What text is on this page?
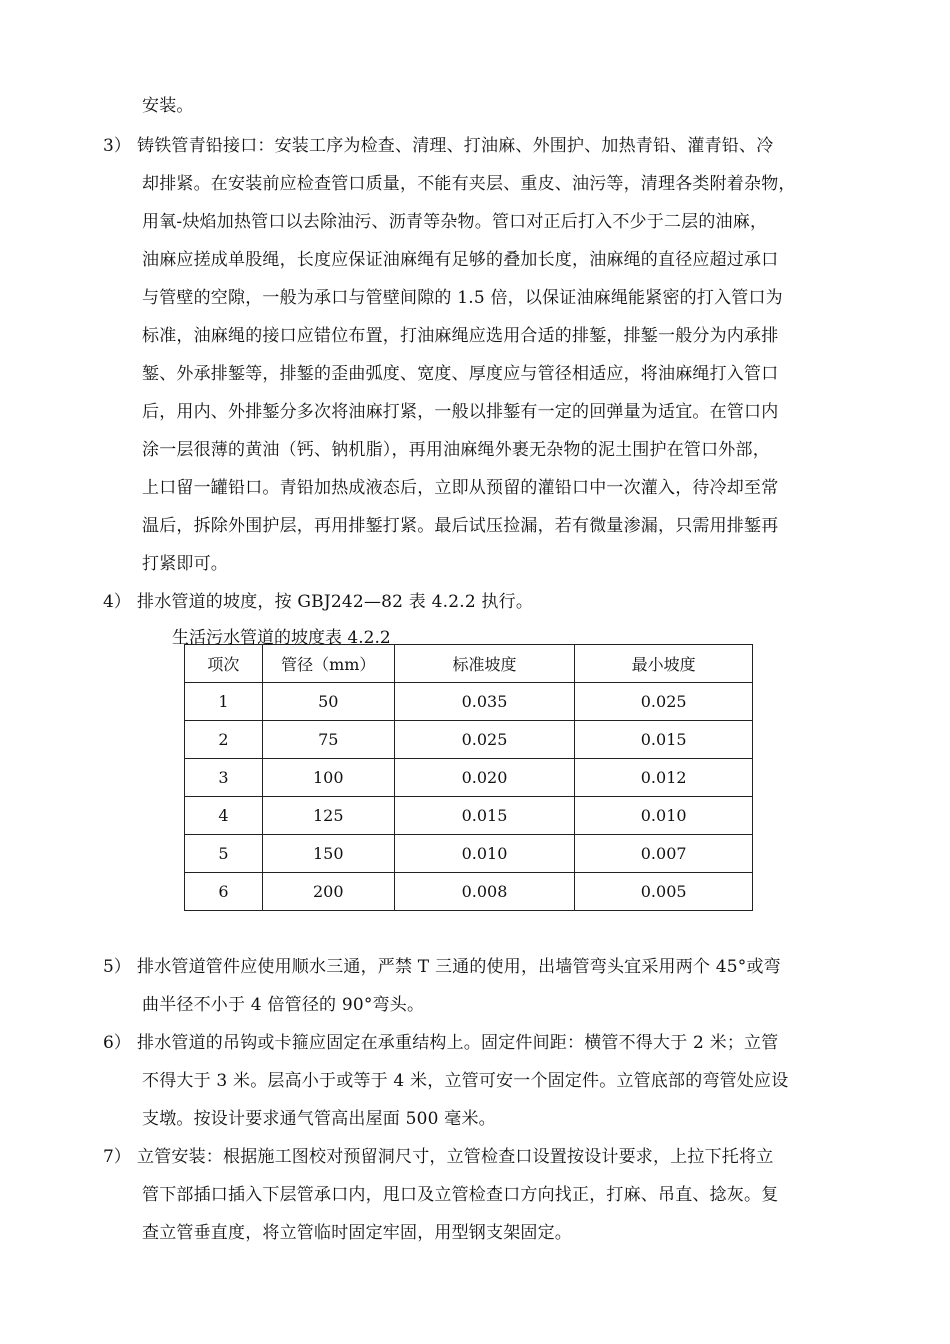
安装。
3） 铸铁管青铅接口：安装工序为检查、清理、打油麻、外围护、加热青铅、灌青铅、冷
却排紧。在安装前应检查管口质量，不能有夹层、重皮、油污等，清理各类附着杂物，
用氧-炔焰加热管口以去除油污、沥青等杂物。管口对正后打入不少于二层的油麻，
油麻应搓成单股绳，长度应保证油麻绳有足够的叠加长度，油麻绳的直径应超过承口
与管壁的空隙，一般为承口与管壁间隙的 1.5 倍，以保证油麻绳能紧密的打入管口为
标准，油麻绳的接口应错位布置，打油麻绳应选用合适的排錾，排錾一般分为内承排
錾、外承排錾等，排錾的歪曲弧度、宽度、厚度应与管径相适应，将油麻绳打入管口
后，用内、外排錾分多次将油麻打紧，一般以排錾有一定的回弹量为适宜。在管口内
涂一层很薄的黄油（钙、钠机脂），再用油麻绳外裹无杂物的泥土围护在管口外部，
上口留一罐铅口。青铅加热成液态后，立即从预留的灌铅口中一次灌入，待冷却至常
温后，拆除外围护层，再用排錾打紧。最后试压捡漏，若有微量渗漏，只需用排錾再
打紧即可。
4） 排水管道的坡度，按 GBJ242—82 表 4.2.2 执行。
生活污水管道的坡度表 4.2.2
项次	管径（mm）	标准坡度	最小坡度
1	50	0.035	0.025
2	75	0.025	0.015
3	100	0.020	0.012
4	125	0.015	0.010
5	150	0.010	0.007
6	200	0.008	0.005
5） 排水管道管件应使用顺水三通，严禁 T 三通的使用，出墙管弯头宜采用两个 45°或弯
曲半径不小于 4 倍管径的 90°弯头。
6） 排水管道的吊钩或卡箍应固定在承重结构上。固定件间距：横管不得大于 2 米；立管
不得大于 3 米。层高小于或等于 4 米，立管可安一个固定件。立管底部的弯管处应设
支墩。按设计要求通气管高出屋面 500 毫米。
7） 立管安装：根据施工图校对预留洞尺寸，立管检查口设置按设计要求，上拉下托将立
管下部插口插入下层管承口内，甩口及立管检查口方向找正，打麻、吊直、捻灰。复
查立管垂直度，将立管临时固定牢固，用型钢支架固定。
